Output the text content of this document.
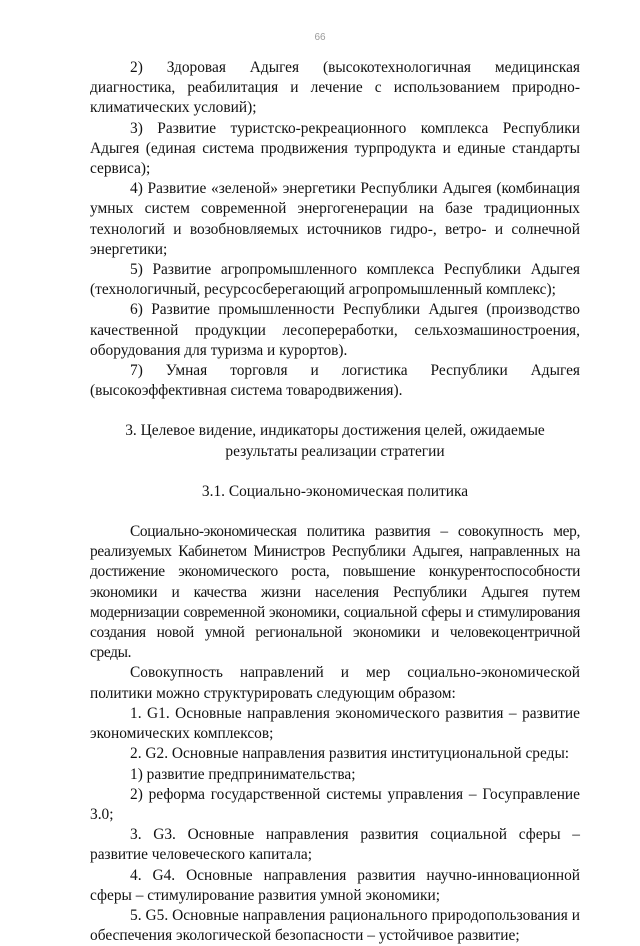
66

2) Здоровая Адыгея (высокотехнологичная медицинская диагностика, реабилитация и лечение с использованием природно-климатических условий);

3) Развитие туристско-рекреационного комплекса Республики Адыгея (единая система продвижения турпродукта и единые стандарты сервиса);

4) Развитие «зеленой» энергетики Республики Адыгея (комбинация умных систем современной энергогенерации на базе традиционных технологий и возобновляемых источников гидро-, ветро- и солнечной энергетики;

5) Развитие агропромышленного комплекса Республики Адыгея (технологичный, ресурсосберегающий агропромышленный комплекс);

6) Развитие промышленности Республики Адыгея (производство качественной продукции лесопереработки, сельхозмашиностроения, оборудования для туризма и курортов).

7) Умная торговля и логистика Республики Адыгея (высокоэффективная система товародвижения).

3. Целевое видение, индикаторы достижения целей, ожидаемые
результаты реализации стратегии
3.1. Социально-экономическая политика

Социально-экономическая политика развития – совокупность мер, реализуемых Кабинетом Министров Республики Адыгея, направленных на достижение экономического роста, повышение конкурентоспособности экономики и качества жизни населения Республики Адыгея путем модернизации современной экономики, социальной сферы и стимулирования создания новой умной региональной экономики и человекоцентричной среды.

Совокупность направлений и мер социально-экономической политики можно структурировать следующим образом:

1. G1. Основные направления экономического развития – развитие экономических комплексов;

2. G2. Основные направления развития институциональной среды:

1) развитие предпринимательства;

2) реформа государственной системы управления – Госуправление 3.0;

3. G3. Основные направления развития социальной сферы – развитие человеческого капитала;

4. G4. Основные направления развития научно-инновационной сферы – стимулирование развития умной экономики;

5. G5. Основные направления рационального природопользования и обеспечения экологической безопасности – устойчивое развитие;
